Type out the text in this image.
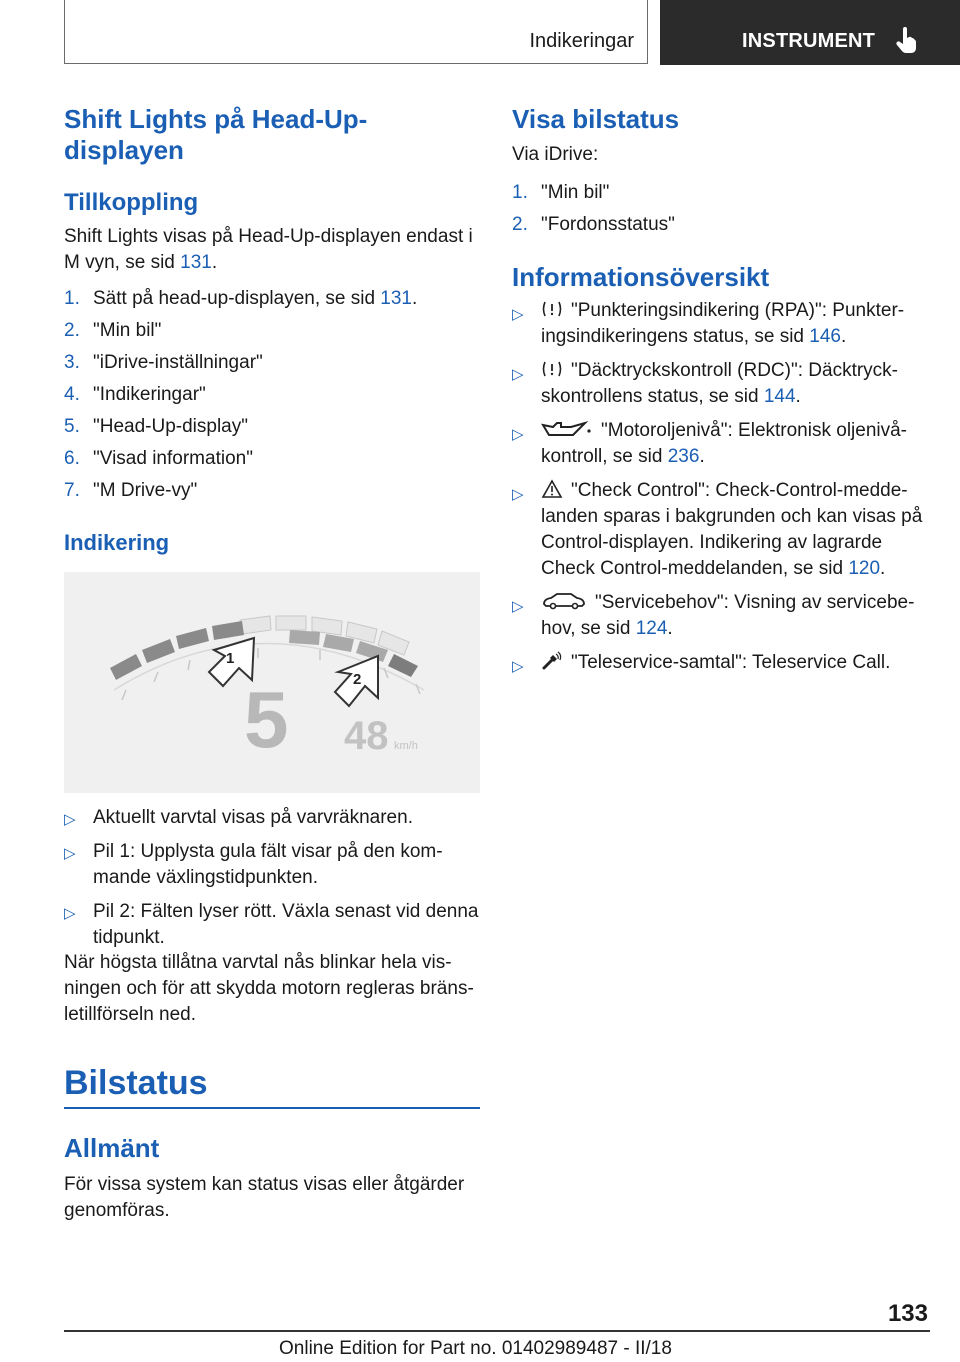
Indikeringar	INSTRUMENT
Shift Lights på Head-Up-
displayen
Tillkoppling
Shift Lights visas på Head-Up-displayen endast i
M vyn, se sid 131.
1. Sätt på head-up-displayen, se sid 131.
2. "Min bil"
3. "iDrive-inställningar"
4. "Indikeringar"
5. "Head-Up-display"
6. "Visad information"
7. "M Drive-vy"
Indikering
1
2
5 48 km/h
▷ Aktuellt varvtal visas på varvräknaren.
▷ Pil 1: Upplysta gula fält visar på den kom-
mande växlingstidpunkten.
▷ Pil 2: Fälten lyser rött. Växla senast vid denna
tidpunkt.
När högsta tillåtna varvtal nås blinkar hela vis-
ningen och för att skydda motorn regleras bräns-
letillförseln ned.
Bilstatus
Allmänt
För vissa system kan status visas eller åtgärder
genomföras.
Visa bilstatus
Via iDrive:
1. "Min bil"
2. "Fordonsstatus"
Informationsöversikt
▷	"Punkteringsindikering (RPA)": Punkter-
ingsindikeringens status, se sid 146.
▷	"Däcktryckskontroll (RDC)": Däcktryck-
skontrollens status, se sid 144.
▷	"Motoroljenivå": Elektronisk oljenivå-
kontroll, se sid 236.
▷	"Check Control": Check-Control-medde-
landen sparas i bakgrunden och kan visas på
Control-displayen. Indikering av lagrarde
Check Control-meddelanden, se sid 120.
▷	"Servicebehov": Visning av servicebe-
hov, se sid 124.
▷	"Teleservice-samtal": Teleservice Call.
133
Online Edition for Part no. 01402989487 - II/18
